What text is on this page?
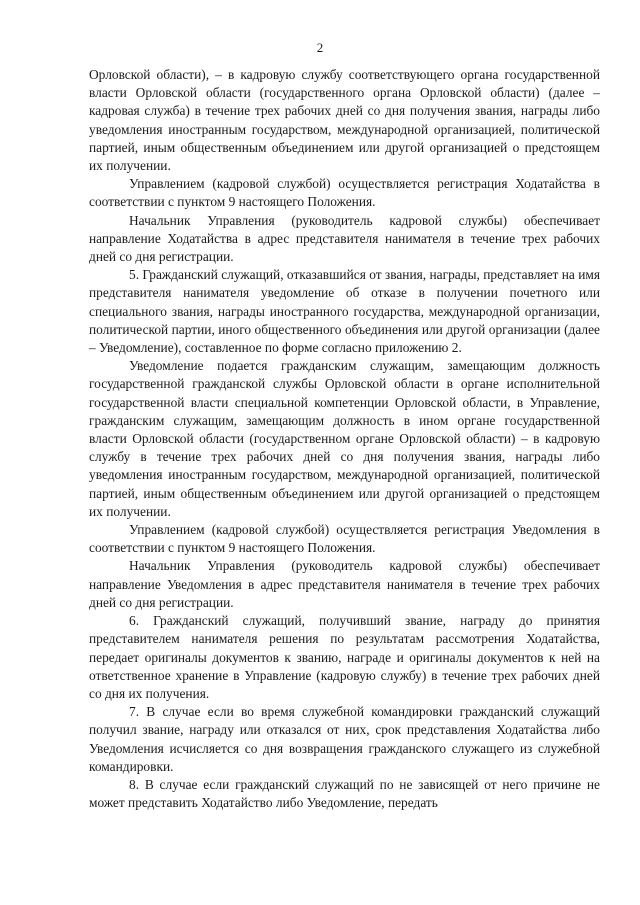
2

Орловской области), – в кадровую службу соответствующего органа государственной власти Орловской области (государственного органа Орловской области) (далее – кадровая служба) в течение трех рабочих дней со дня получения звания, награды либо уведомления иностранным государством, международной организацией, политической партией, иным общественным объединением или другой организацией о предстоящем их получении.

Управлением (кадровой службой) осуществляется регистрация Ходатайства в соответствии с пунктом 9 настоящего Положения.

Начальник Управления (руководитель кадровой службы) обеспечивает направление Ходатайства в адрес представителя нанимателя в течение трех рабочих дней со дня регистрации.

5. Гражданский служащий, отказавшийся от звания, награды, представляет на имя представителя нанимателя уведомление об отказе в получении почетного или специального звания, награды иностранного государства, международной организации, политической партии, иного общественного объединения или другой организации (далее – Уведомление), составленное по форме согласно приложению 2.

Уведомление подается гражданским служащим, замещающим должность государственной гражданской службы Орловской области в органе исполнительной государственной власти специальной компетенции Орловской области, в Управление, гражданским служащим, замещающим должность в ином органе государственной власти Орловской области (государственном органе Орловской области) – в кадровую службу в течение трех рабочих дней со дня получения звания, награды либо уведомления иностранным государством, международной организацией, политической партией, иным общественным объединением или другой организацией о предстоящем их получении.

Управлением (кадровой службой) осуществляется регистрация Уведомления в соответствии с пунктом 9 настоящего Положения.

Начальник Управления (руководитель кадровой службы) обеспечивает направление Уведомления в адрес представителя нанимателя в течение трех рабочих дней со дня регистрации.

6. Гражданский служащий, получивший звание, награду до принятия представителем нанимателя решения по результатам рассмотрения Ходатайства, передает оригиналы документов к званию, награде и оригиналы документов к ней на ответственное хранение в Управление (кадровую службу) в течение трех рабочих дней со дня их получения.

7. В случае если во время служебной командировки гражданский служащий получил звание, награду или отказался от них, срок представления Ходатайства либо Уведомления исчисляется со дня возвращения гражданского служащего из служебной командировки.

8. В случае если гражданский служащий по не зависящей от него причине не может представить Ходатайство либо Уведомление, передать
